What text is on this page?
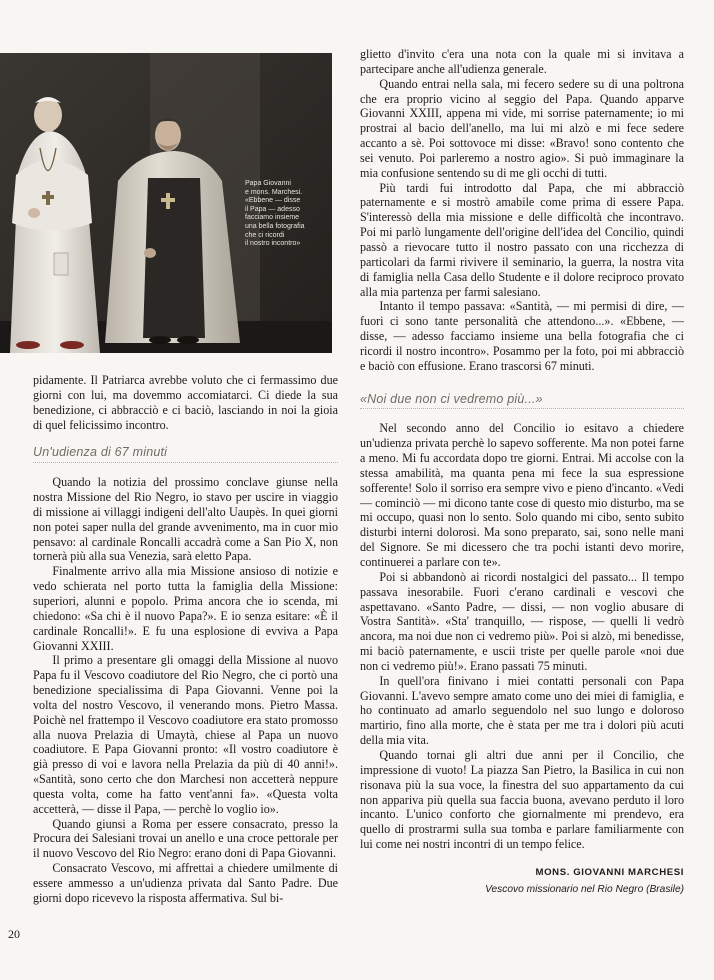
Papa Giovanni

e mons. Marchesi.

«Ebbene — disse

il Papa — adesso

facciamo insieme

una bella fotografia

che ci ricordi

il nostro incontro»

pidamente. Il Patriarca avrebbe voluto che ci fermassimo due giorni con lui, ma dovemmo accomiatarci. Ci diede la sua benedizione, ci abbracciò e ci baciò, lasciando in noi la gioia di quel felicissimo incontro.

Un'udienza di 67 minuti

Quando la notizia del prossimo conclave giunse nella nostra Missione del Rio Negro, io stavo per uscire in viaggio di missione ai villaggi indigeni dell'alto Uaupès. In quei giorni non potei saper nulla del grande avvenimento, ma in cuor mio pensavo: al cardinale Roncalli accadrà come a San Pio X, non tornerà più alla sua Venezia, sarà eletto Papa.

Finalmente arrivo alla mia Missione ansioso di notizie e vedo schierata nel porto tutta la famiglia della Missione: superiori, alunni e popolo. Prima ancora che io scenda, mi chiedono: «Sa chi è il nuovo Papa?». E io senza esitare: «È il cardinale Roncalli!». E fu una esplosione di evviva a Papa Giovanni XXIII.

Il primo a presentare gli omaggi della Missione al nuovo Papa fu il Vescovo coadiutore del Rio Negro, che ci portò una benedizione specialissima di Papa Giovanni. Venne poi la volta del nostro Vescovo, il venerando mons. Pietro Massa. Poichè nel frattempo il Vescovo coadiutore era stato promosso alla nuova Prelazia di Umaytà, chiese al Papa un nuovo coadiutore. E Papa Giovanni pronto: «Il vostro coadiutore è già presso di voi e lavora nella Prelazia da più di 40 anni!». «Santità, sono certo che don Marchesi non accetterà neppure questa volta, come ha fatto vent'anni fa». «Questa volta accetterà, — disse il Papa, — perchè lo voglio io».

Quando giunsi a Roma per essere consacrato, presso la Procura dei Salesiani trovai un anello e una croce pettorale per il nuovo Vescovo del Rio Negro: erano doni di Papa Giovanni.

Consacrato Vescovo, mi affrettai a chiedere umilmente di essere ammesso a un'udienza privata dal Santo Padre. Due giorni dopo ricevevo la risposta affermativa. Sul bi-

glietto d'invito c'era una nota con la quale mi si invitava a partecipare anche all'udienza generale.

Quando entrai nella sala, mi fecero sedere su di una poltrona che era proprio vicino al seggio del Papa. Quando apparve Giovanni XXIII, appena mi vide, mi sorrise paternamente; io mi prostrai al bacio dell'anello, ma lui mi alzò e mi fece sedere accanto a sè. Poi sottovoce mi disse: «Bravo! sono contento che sei venuto. Poi parleremo a nostro agio». Si può immaginare la mia confusione sentendo su di me gli occhi di tutti.

Più tardi fui introdotto dal Papa, che mi abbracciò paternamente e si mostrò amabile come prima di essere Papa. S'interessò della mia missione e delle difficoltà che incontravo. Poi mi parlò lungamente dell'origine dell'idea del Concilio, quindi passò a rievocare tutto il nostro passato con una ricchezza di particolari da farmi rivivere il seminario, la guerra, la nostra vita di famiglia nella Casa dello Studente e il dolore reciproco provato alla mia partenza per farmi salesiano.

Intanto il tempo passava: «Santità, — mi permisi di dire, — fuori ci sono tante personalità che attendono...». «Ebbene, — disse, — adesso facciamo insieme una bella fotografia che ci ricordi il nostro incontro». Posammo per la foto, poi mi abbracciò e baciò con effusione. Erano trascorsi 67 minuti.

«Noi due non ci vedremo più...»

Nel secondo anno del Concilio io esitavo a chiedere un'udienza privata perchè lo sapevo sofferente. Ma non potei farne a meno. Mi fu accordata dopo tre giorni. Entrai. Mi accolse con la stessa amabilità, ma quanta pena mi fece la sua espressione sofferente! Solo il sorriso era sempre vivo e pieno d'incanto. «Vedi — cominciò — mi dicono tante cose di questo mio disturbo, ma se mi occupo, quasi non lo sento. Solo quando mi cibo, sento subito disturbi interni dolorosi. Ma sono preparato, sai, sono nelle mani del Signore. Se mi dicessero che tra pochi istanti devo morire, continuerei a parlare con te».

Poi si abbandonò ai ricordi nostalgici del passato... Il tempo passava inesorabile. Fuori c'erano cardinali e vescovi che aspettavano. «Santo Padre, — dissi, — non voglio abusare di Vostra Santità». «Sta' tranquillo, — rispose, — quelli li vedrò ancora, ma noi due non ci vedremo più». Poi si alzò, mi benedisse, mi baciò paternamente, e uscii triste per quelle parole «noi due non ci vedremo più!». Erano passati 75 minuti.

In quell'ora finivano i miei contatti personali con Papa Giovanni. L'avevo sempre amato come uno dei miei di famiglia, e ho continuato ad amarlo seguendolo nel suo lungo e doloroso martirio, fino alla morte, che è stata per me tra i dolori più acuti della mia vita.

Quando tornai gli altri due anni per il Concilio, che impressione di vuoto! La piazza San Pietro, la Basilica in cui non risonava più la sua voce, la finestra del suo appartamento da cui non appariva più quella sua faccia buona, avevano perduto il loro incanto. L'unico conforto che giornalmente mi prendevo, era quello di prostrarmi sulla sua tomba e parlare familiarmente con lui come nei nostri incontri di un tempo felice.

MONS. GIOVANNI MARCHESI
Vescovo missionario nel Rio Negro (Brasile)
20
